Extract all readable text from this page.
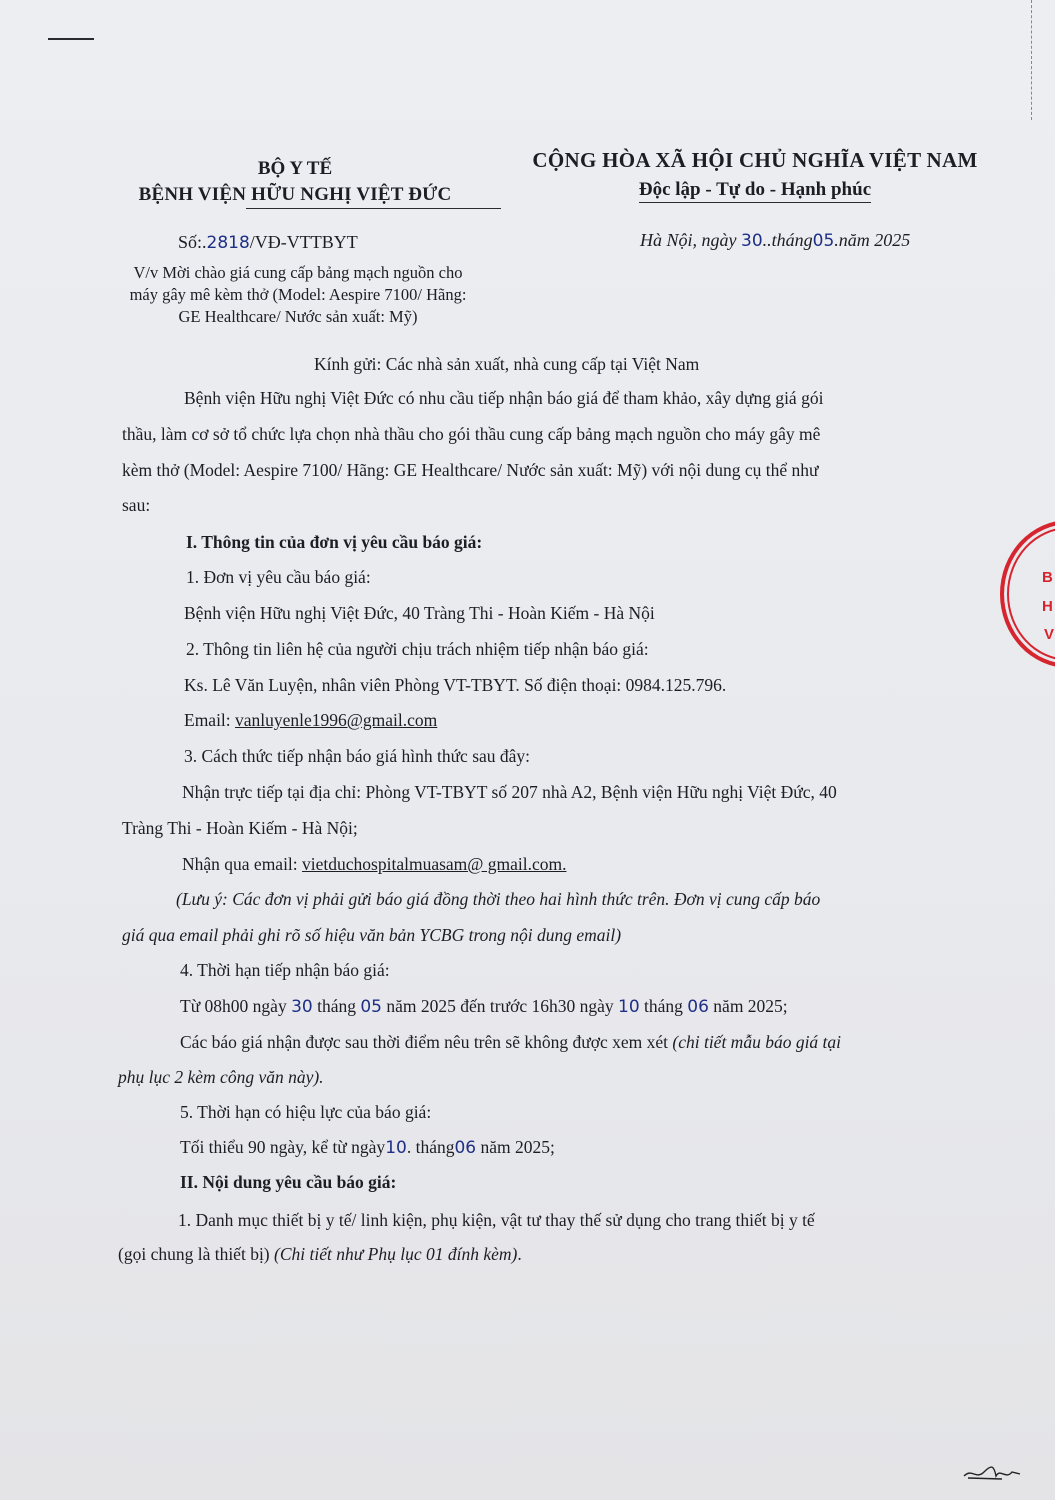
BỘ Y TẾ
BỆNH VIỆN HỮU NGHỊ VIỆT ĐỨC
CỘNG HÒA XÃ HỘI CHỦ NGHĨA VIỆT NAM
Độc lập - Tự do - Hạnh phúc
Số:.2818/VĐ-VTTBYT	Hà Nội, ngày 30..tháng05.năm 2025
V/v Mời chào giá cung cấp bảng mạch nguồn cho
máy gây mê kèm thở (Model: Aespire 7100/ Hãng:
GE Healthcare/ Nước sản xuất: Mỹ)
Kính gửi: Các nhà sản xuất, nhà cung cấp tại Việt Nam
Bệnh viện Hữu nghị Việt Đức có nhu cầu tiếp nhận báo giá để tham khảo, xây dựng giá gói
thầu, làm cơ sở tổ chức lựa chọn nhà thầu cho gói thầu cung cấp bảng mạch nguồn cho máy gây mê
kèm thở (Model: Aespire 7100/ Hãng: GE Healthcare/ Nước sản xuất: Mỹ) với nội dung cụ thể như
sau:
I. Thông tin của đơn vị yêu cầu báo giá:
1. Đơn vị yêu cầu báo giá:
Bệnh viện Hữu nghị Việt Đức, 40 Tràng Thi - Hoàn Kiếm - Hà Nội
2. Thông tin liên hệ của người chịu trách nhiệm tiếp nhận báo giá:
Ks. Lê Văn Luyện, nhân viên Phòng VT-TBYT. Số điện thoại: 0984.125.796.
Email: vanluyenle1996@gmail.com
3. Cách thức tiếp nhận báo giá hình thức sau đây:
Nhận trực tiếp tại địa chỉ: Phòng VT-TBYT số 207 nhà A2, Bệnh viện Hữu nghị Việt Đức, 40
Tràng Thi - Hoàn Kiếm - Hà Nội;
Nhận qua email: vietduchospitalmuasam@ gmail.com.
(Lưu ý: Các đơn vị phải gửi báo giá đồng thời theo hai hình thức trên. Đơn vị cung cấp báo
giá qua email phải ghi rõ số hiệu văn bản YCBG trong nội dung email)
4. Thời hạn tiếp nhận báo giá:
Từ 08h00 ngày 30 tháng 05 năm 2025 đến trước 16h30 ngày 10 tháng 06 năm 2025;
Các báo giá nhận được sau thời điểm nêu trên sẽ không được xem xét (chi tiết mẫu báo giá tại
phụ lục 2 kèm công văn này).
5. Thời hạn có hiệu lực của báo giá:
Tối thiểu 90 ngày, kể từ ngày10. tháng06 năm 2025;
II. Nội dung yêu cầu báo giá:
1. Danh mục thiết bị y tế/ linh kiện, phụ kiện, vật tư thay thế sử dụng cho trang thiết bị y tế
(gọi chung là thiết bị) (Chi tiết như Phụ lục 01 đính kèm).
B
H
V
